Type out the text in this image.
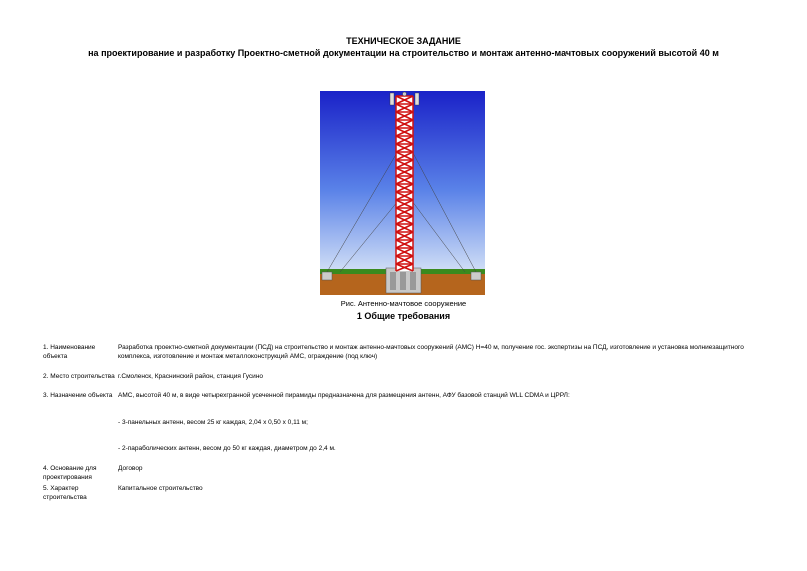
ТЕХНИЧЕСКОЕ ЗАДАНИЕ
на проектирование и разработку Проектно-сметной документации на строительство и монтаж антенно-мачтовых сооружений высотой 40 м
Рис. Антенно-мачтовое сооружение
1 Общие требования
1. Наименование объекта
Разработка проектно-сметной документации (ПСД) на строительство и монтаж антенно-мачтовых сооружений (АМС) Н=40 м, получение гос. экспертизы на ПСД, изготовление и установка молниезащитного комплекса, изготовление и монтаж металлоконструкций АМС, ограждение (под ключ)
2. Место строительства г.Смоленск, Краснинский район, станция Гусино
3. Назначение объекта АМС, высотой 40 м, в виде четырехгранной усеченной пирамиды предназначена для размещения антенн, АФУ базовой станций WLL CDMA и ЦРРЛ:
- 3-панельных антенн, весом 25 кг каждая, 2,04 х 0,50 х 0,11 м;
- 2-параболических антенн, весом до 50 кг каждая, диаметром до 2,4 м.
4. Основание для проектирования
Договор
5. Характер строительства
Капитальное строительство
